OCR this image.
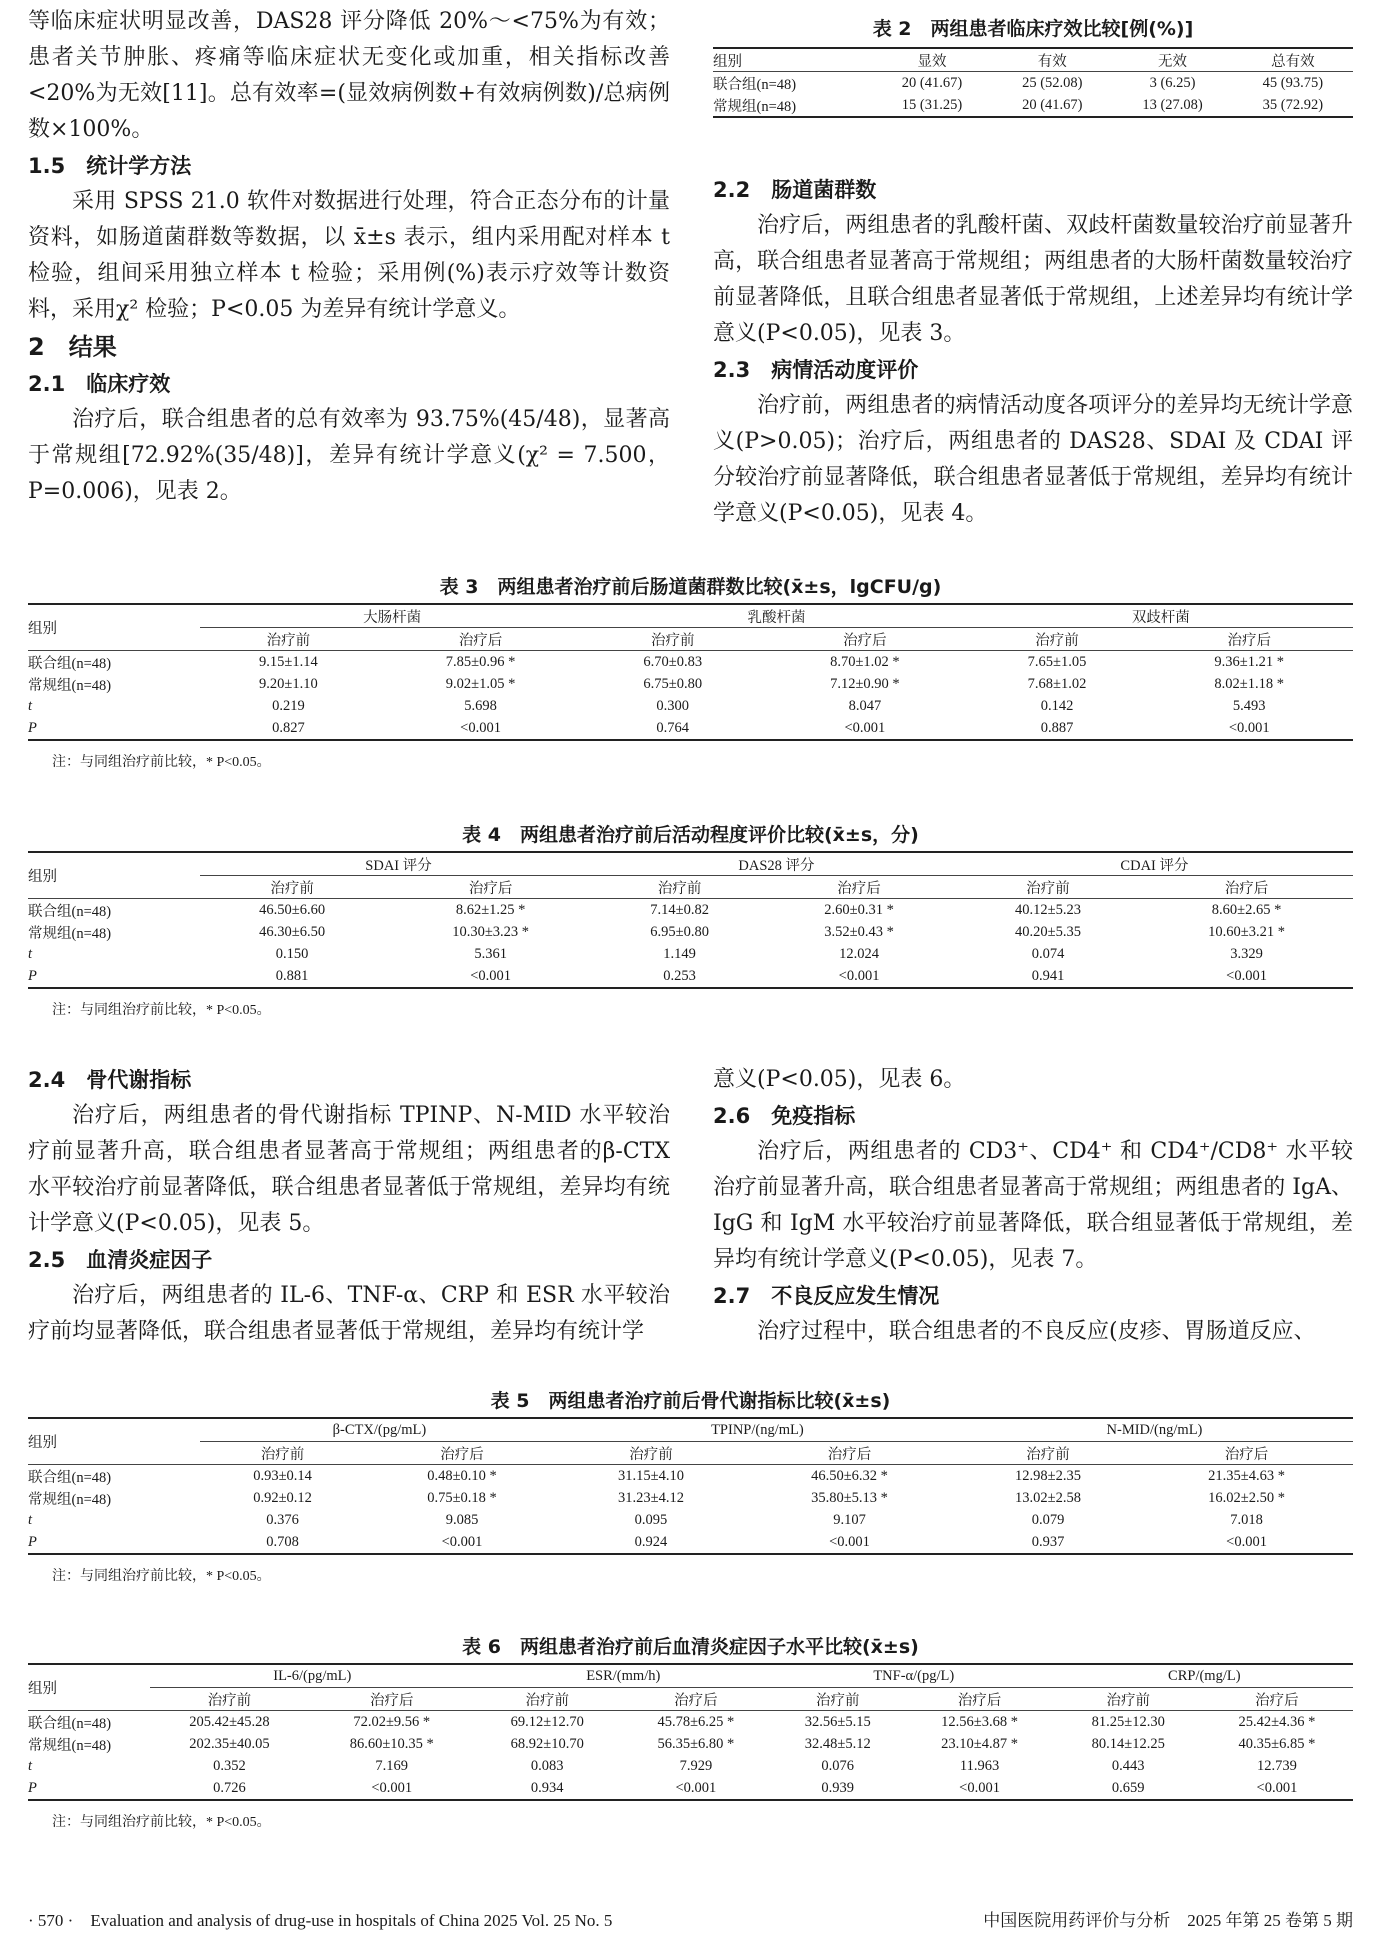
等临床症状明显改善，DAS28 评分降低 20%～<75%为有效；患者关节肿胀、疼痛等临床症状无变化或加重，相关指标改善<20%为无效[11]。总有效率=(显效病例数+有效病例数)/总病例数×100%。

1.5　统计学方法

采用 SPSS 21.0 软件对数据进行处理，符合正态分布的计量资料，如肠道菌群数等数据，以 x̄±s 表示，组内采用配对样本 t 检验，组间采用独立样本 t 检验；采用例(%)表示疗效等计数资料，采用χ² 检验；P<0.05 为差异有统计学意义。

2　结果

2.1　临床疗效

治疗后，联合组患者的总有效率为 93.75%(45/48)，显著高于常规组[72.92%(35/48)]，差异有统计学意义(χ² = 7.500，P=0.006)，见表 2。

表 2　两组患者临床疗效比较[例(%)]
组别	显效	有效	无效	总有效
联合组(n=48)	20 (41.67)	25 (52.08)	3 (6.25)	45 (93.75)
常规组(n=48)	15 (31.25)	20 (41.67)	13 (27.08)	35 (72.92)

2.2　肠道菌群数

治疗后，两组患者的乳酸杆菌、双歧杆菌数量较治疗前显著升高，联合组患者显著高于常规组；两组患者的大肠杆菌数量较治疗前显著降低，且联合组患者显著低于常规组，上述差异均有统计学意义(P<0.05)，见表 3。

2.3　病情活动度评价

治疗前，两组患者的病情活动度各项评分的差异均无统计学意义(P>0.05)；治疗后，两组患者的 DAS28、SDAI 及 CDAI 评分较治疗前显著降低，联合组患者显著低于常规组，差异均有统计学意义(P<0.05)，见表 4。

表 3　两组患者治疗前后肠道菌群数比较(x̄±s，lgCFU/g)
组别	大肠杆菌		乳酸杆菌		双歧杆菌	
	治疗前	治疗后	治疗前	治疗后	治疗前	治疗后
联合组(n=48)	9.15±1.14	7.85±0.96 *	6.70±0.83	8.70±1.02 *	7.65±1.05	9.36±1.21 *
常规组(n=48)	9.20±1.10	9.02±1.05 *	6.75±0.80	7.12±0.90 *	7.68±1.02	8.02±1.18 *
t	0.219	5.698	0.300	8.047	0.142	5.493
P	0.827	<0.001	0.764	<0.001	0.887	<0.001
注：与同组治疗前比较，* P<0.05。
表 4　两组患者治疗前后活动程度评价比较(x̄±s，分)
组别	SDAI 评分		DAS28 评分		CDAI 评分	
	治疗前	治疗后	治疗前	治疗后	治疗前	治疗后
联合组(n=48)	46.50±6.60	8.62±1.25 *	7.14±0.82	2.60±0.31 *	40.12±5.23	8.60±2.65 *
常规组(n=48)	46.30±6.50	10.30±3.23 *	6.95±0.80	3.52±0.43 *	40.20±5.35	10.60±3.21 *
t	0.150	5.361	1.149	12.024	0.074	3.329
P	0.881	<0.001	0.253	<0.001	0.941	<0.001
注：与同组治疗前比较，* P<0.05。

2.4　骨代谢指标

治疗后，两组患者的骨代谢指标 TPINP、N-MID 水平较治疗前显著升高，联合组患者显著高于常规组；两组患者的β-CTX 水平较治疗前显著降低，联合组患者显著低于常规组，差异均有统计学意义(P<0.05)，见表 5。

2.5　血清炎症因子

治疗后，两组患者的 IL-6、TNF-α、CRP 和 ESR 水平较治疗前均显著降低，联合组患者显著低于常规组，差异均有统计学

意义(P<0.05)，见表 6。

2.6　免疫指标

治疗后，两组患者的 CD3⁺、CD4⁺ 和 CD4⁺/CD8⁺ 水平较治疗前显著升高，联合组患者显著高于常规组；两组患者的 IgA、IgG 和 IgM 水平较治疗前显著降低，联合组显著低于常规组，差异均有统计学意义(P<0.05)，见表 7。

2.7　不良反应发生情况

治疗过程中，联合组患者的不良反应(皮疹、胃肠道反应、

表 5　两组患者治疗前后骨代谢指标比较(x̄±s)
组别	β-CTX/(pg/mL)		TPINP/(ng/mL)		N-MID/(ng/mL)	
	治疗前	治疗后	治疗前	治疗后	治疗前	治疗后
联合组(n=48)	0.93±0.14	0.48±0.10 *	31.15±4.10	46.50±6.32 *	12.98±2.35	21.35±4.63 *
常规组(n=48)	0.92±0.12	0.75±0.18 *	31.23±4.12	35.80±5.13 *	13.02±2.58	16.02±2.50 *
t	0.376	9.085	0.095	9.107	0.079	7.018
P	0.708	<0.001	0.924	<0.001	0.937	<0.001
注：与同组治疗前比较，* P<0.05。
表 6　两组患者治疗前后血清炎症因子水平比较(x̄±s)
组别	IL-6/(pg/mL)		ESR/(mm/h)		TNF-α/(pg/L)		CRP/(mg/L)	
	治疗前	治疗后	治疗前	治疗后	治疗前	治疗后	治疗前	治疗后
联合组(n=48)	205.42±45.28	72.02±9.56 *	69.12±12.70	45.78±6.25 *	32.56±5.15	12.56±3.68 *	81.25±12.30	25.42±4.36 *
常规组(n=48)	202.35±40.05	86.60±10.35 *	68.92±10.70	56.35±6.80 *	32.48±5.12	23.10±4.87 *	80.14±12.25	40.35±6.85 *
t	0.352	7.169	0.083	7.929	0.076	11.963	0.443	12.739
P	0.726	<0.001	0.934	<0.001	0.939	<0.001	0.659	<0.001
注：与同组治疗前比较，* P<0.05。
· 570 ·　Evaluation and analysis of drug-use in hospitals of China 2025 Vol. 25 No. 5	中国医院用药评价与分析　2025 年第 25 卷第 5 期
